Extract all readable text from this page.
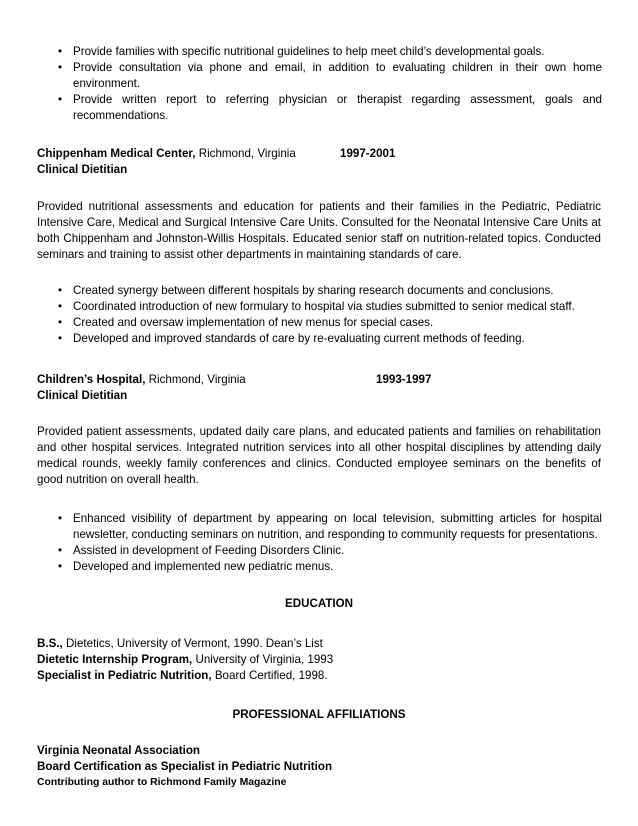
• Provide families with specific nutritional guidelines to help meet child’s developmental goals.
• Provide consultation via phone and email, in addition to evaluating children in their own home environment.
• Provide written report to referring physician or therapist regarding assessment, goals and recommendations.
Chippenham Medical Center, Richmond, Virginia	1997-2001
Clinical Dietitian
Provided nutritional assessments and education for patients and their families in the Pediatric, Pediatric Intensive Care, Medical and Surgical Intensive Care Units. Consulted for the Neonatal Intensive Care Units at both Chippenham and Johnston-Willis Hospitals. Educated senior staff on nutrition-related topics. Conducted seminars and training to assist other departments in maintaining standards of care.
• Created synergy between different hospitals by sharing research documents and conclusions.
• Coordinated introduction of new formulary to hospital via studies submitted to senior medical staff.
• Created and oversaw implementation of new menus for special cases.
• Developed and improved standards of care by re-evaluating current methods of feeding.
Children’s Hospital, Richmond, Virginia	1993-1997
Clinical Dietitian
Provided patient assessments, updated daily care plans, and educated patients and families on rehabilitation and other hospital services. Integrated nutrition services into all other hospital disciplines by attending daily medical rounds, weekly family conferences and clinics. Conducted employee seminars on the benefits of good nutrition on overall health.
• Enhanced visibility of department by appearing on local television, submitting articles for hospital newsletter, conducting seminars on nutrition, and responding to community requests for presentations.
• Assisted in development of Feeding Disorders Clinic.
• Developed and implemented new pediatric menus.
EDUCATION
B.S., Dietetics, University of Vermont, 1990. Dean’s List
Dietetic Internship Program, University of Virginia, 1993
Specialist in Pediatric Nutrition, Board Certified, 1998.
PROFESSIONAL AFFILIATIONS
Virginia Neonatal Association
Board Certification as Specialist in Pediatric Nutrition
Contributing author to Richmond Family Magazine
